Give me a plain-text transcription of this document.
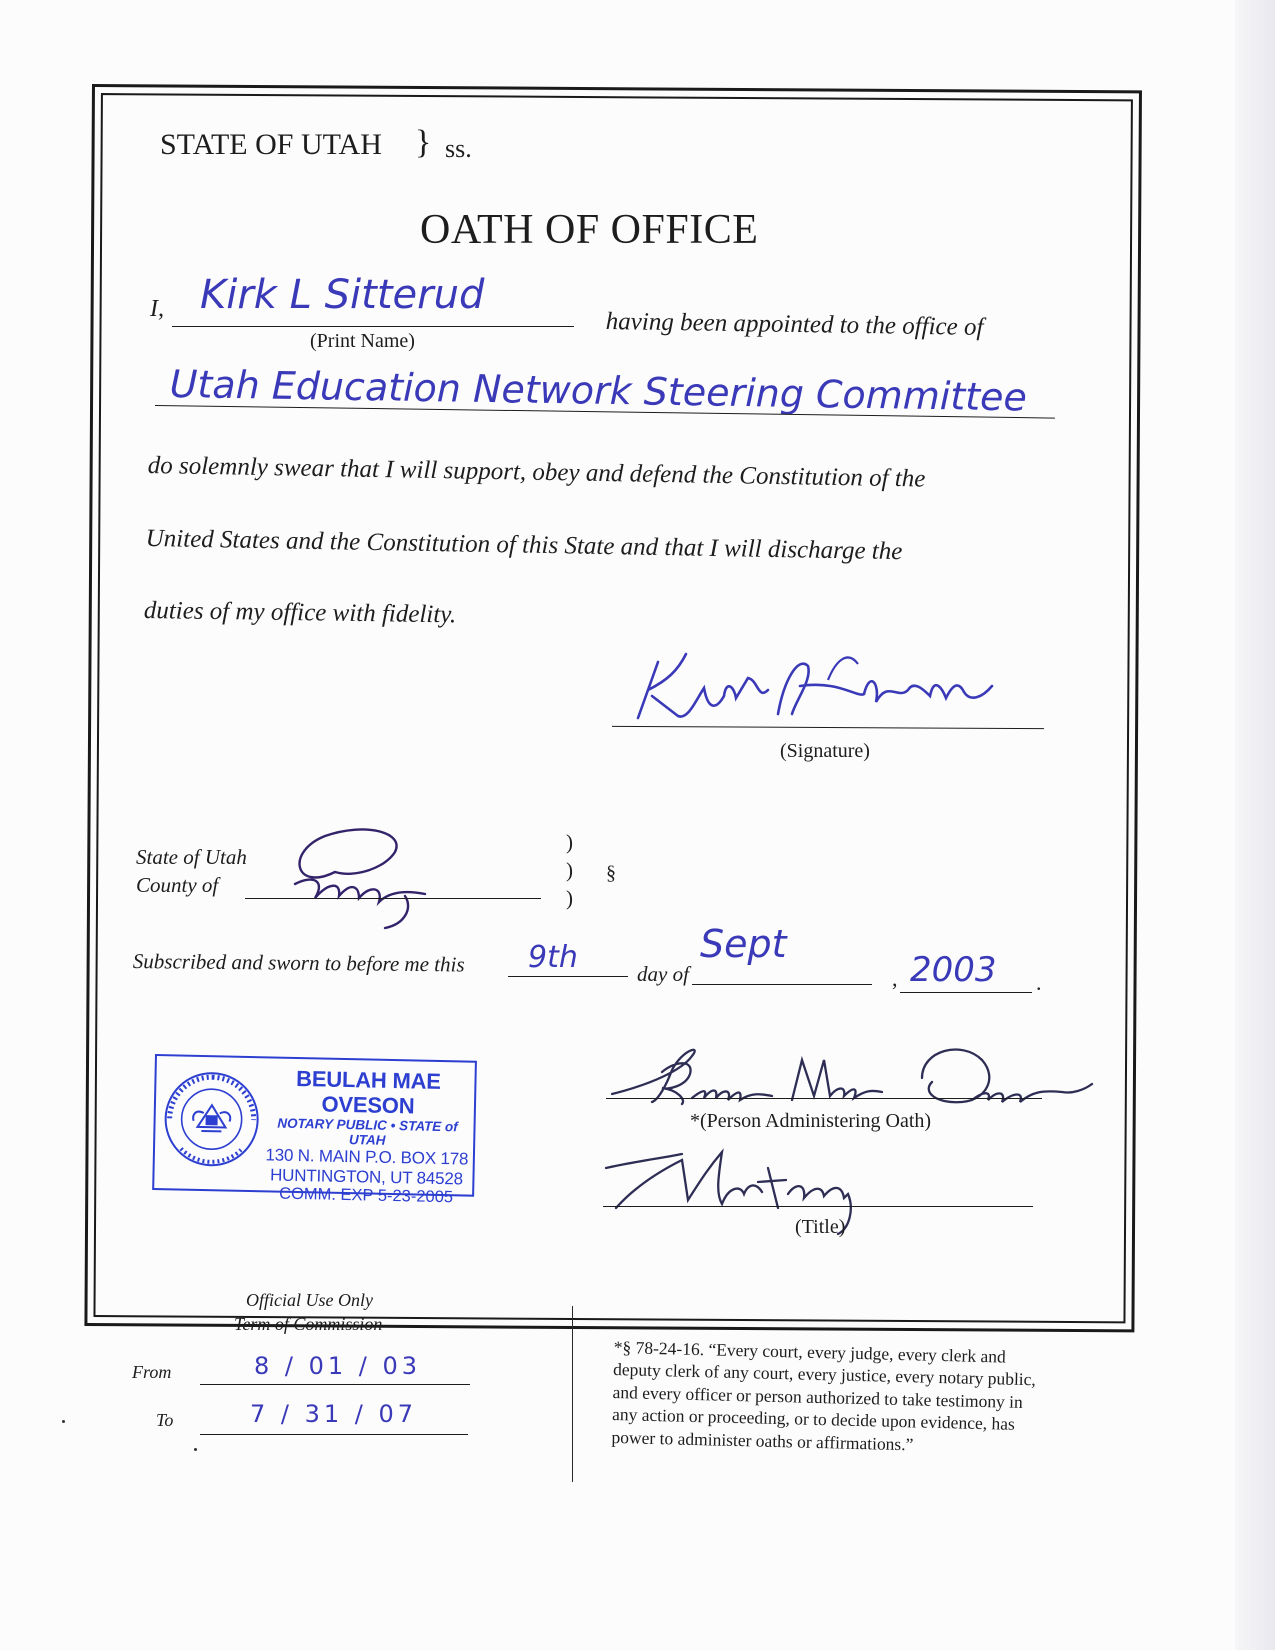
STATE OF UTAH } ss.
OATH OF OFFICE
I, Kirk L Sitterud
(Print Name)
having been appointed to the office of
Utah Education Network Steering Committee
do solemnly swear that I will support, obey and defend the Constitution of the
United States and the Constitution of this State and that I will discharge the
duties of my office with fidelity.
(Signature)
State of Utah
County of
)
)
)
§
Subscribed and sworn to before me this 9th	day of
Sept
, 2003 .
BEULAH MAE OVESON
NOTARY PUBLIC • STATE of UTAH
130 N. MAIN P.O. BOX 178
HUNTINGTON, UT 84528
COMM. EXP 5-23-2005
*(Person Administering Oath)
(Title)
Official Use Only
Term of Commission
From	8 / 01 / 03
To	7 / 31 / 07
*§ 78-24-16. “Every court, every judge, every clerk and
deputy clerk of any court, every justice, every notary public,
and every officer or person authorized to take testimony in
any action or proceeding, or to decide upon evidence, has
power to administer oaths or affirmations.”
